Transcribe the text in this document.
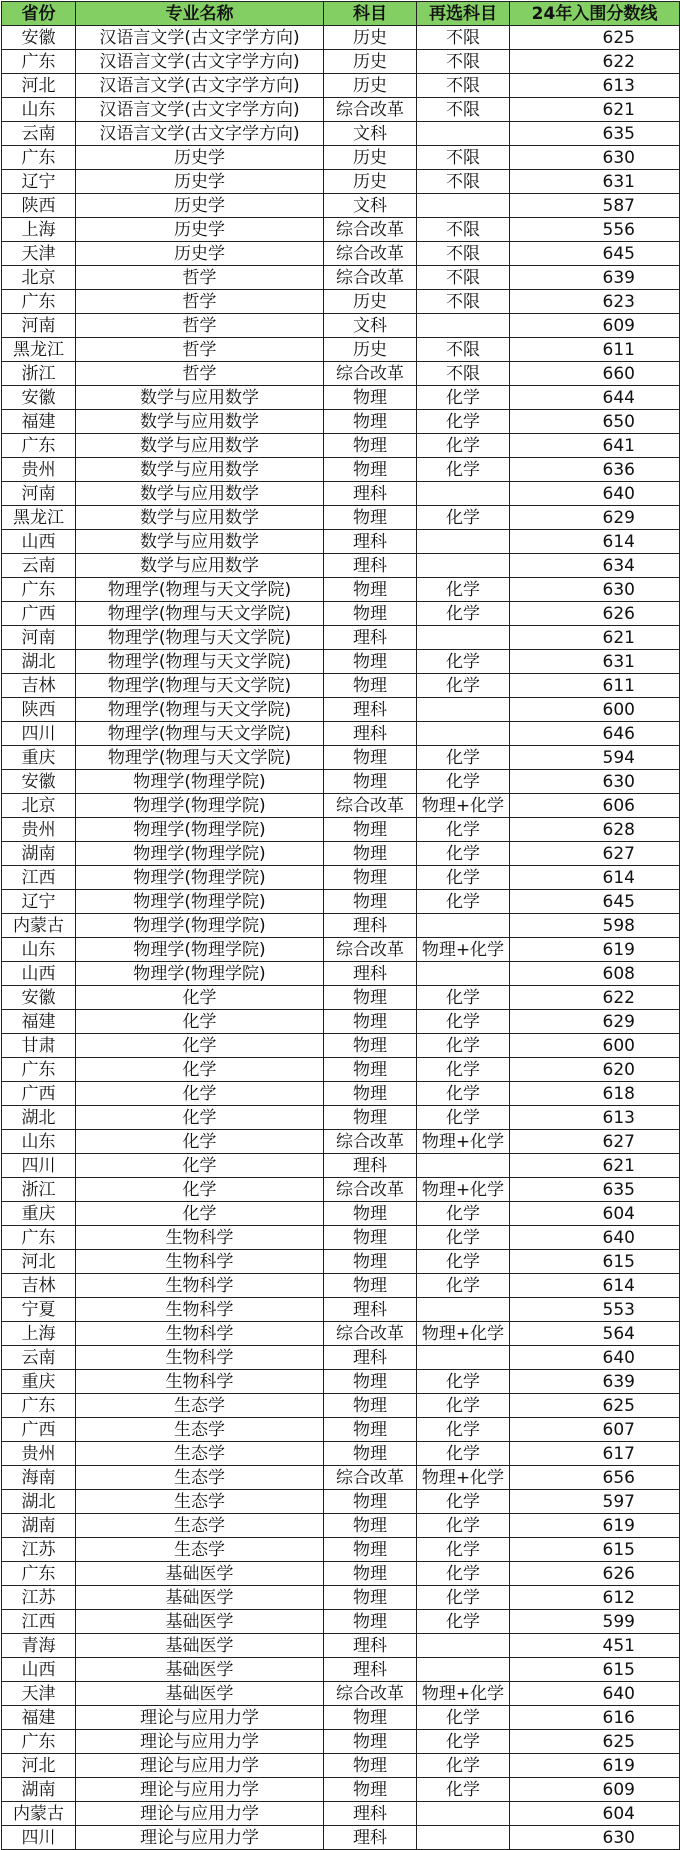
省份	专业名称	科目	再选科目	24年入围分数线
安徽	汉语言文学(古文字学方向)	历史	不限	625
广东	汉语言文学(古文字学方向)	历史	不限	622
河北	汉语言文学(古文字学方向)	历史	不限	613
山东	汉语言文学(古文字学方向)	综合改革	不限	621
云南	汉语言文学(古文字学方向)	文科		635
广东	历史学	历史	不限	630
辽宁	历史学	历史	不限	631
陕西	历史学	文科		587
上海	历史学	综合改革	不限	556
天津	历史学	综合改革	不限	645
北京	哲学	综合改革	不限	639
广东	哲学	历史	不限	623
河南	哲学	文科		609
黑龙江	哲学	历史	不限	611
浙江	哲学	综合改革	不限	660
安徽	数学与应用数学	物理	化学	644
福建	数学与应用数学	物理	化学	650
广东	数学与应用数学	物理	化学	641
贵州	数学与应用数学	物理	化学	636
河南	数学与应用数学	理科		640
黑龙江	数学与应用数学	物理	化学	629
山西	数学与应用数学	理科		614
云南	数学与应用数学	理科		634
广东	物理学(物理与天文学院)	物理	化学	630
广西	物理学(物理与天文学院)	物理	化学	626
河南	物理学(物理与天文学院)	理科		621
湖北	物理学(物理与天文学院)	物理	化学	631
吉林	物理学(物理与天文学院)	物理	化学	611
陕西	物理学(物理与天文学院)	理科		600
四川	物理学(物理与天文学院)	理科		646
重庆	物理学(物理与天文学院)	物理	化学	594
安徽	物理学(物理学院)	物理	化学	630
北京	物理学(物理学院)	综合改革	物理+化学	606
贵州	物理学(物理学院)	物理	化学	628
湖南	物理学(物理学院)	物理	化学	627
江西	物理学(物理学院)	物理	化学	614
辽宁	物理学(物理学院)	物理	化学	645
内蒙古	物理学(物理学院)	理科		598
山东	物理学(物理学院)	综合改革	物理+化学	619
山西	物理学(物理学院)	理科		608
安徽	化学	物理	化学	622
福建	化学	物理	化学	629
甘肃	化学	物理	化学	600
广东	化学	物理	化学	620
广西	化学	物理	化学	618
湖北	化学	物理	化学	613
山东	化学	综合改革	物理+化学	627
四川	化学	理科		621
浙江	化学	综合改革	物理+化学	635
重庆	化学	物理	化学	604
广东	生物科学	物理	化学	640
河北	生物科学	物理	化学	615
吉林	生物科学	物理	化学	614
宁夏	生物科学	理科		553
上海	生物科学	综合改革	物理+化学	564
云南	生物科学	理科		640
重庆	生物科学	物理	化学	639
广东	生态学	物理	化学	625
广西	生态学	物理	化学	607
贵州	生态学	物理	化学	617
海南	生态学	综合改革	物理+化学	656
湖北	生态学	物理	化学	597
湖南	生态学	物理	化学	619
江苏	生态学	物理	化学	615
广东	基础医学	物理	化学	626
江苏	基础医学	物理	化学	612
江西	基础医学	物理	化学	599
青海	基础医学	理科		451
山西	基础医学	理科		615
天津	基础医学	综合改革	物理+化学	640
福建	理论与应用力学	物理	化学	616
广东	理论与应用力学	物理	化学	625
河北	理论与应用力学	物理	化学	619
湖南	理论与应用力学	物理	化学	609
内蒙古	理论与应用力学	理科		604
四川	理论与应用力学	理科		630
